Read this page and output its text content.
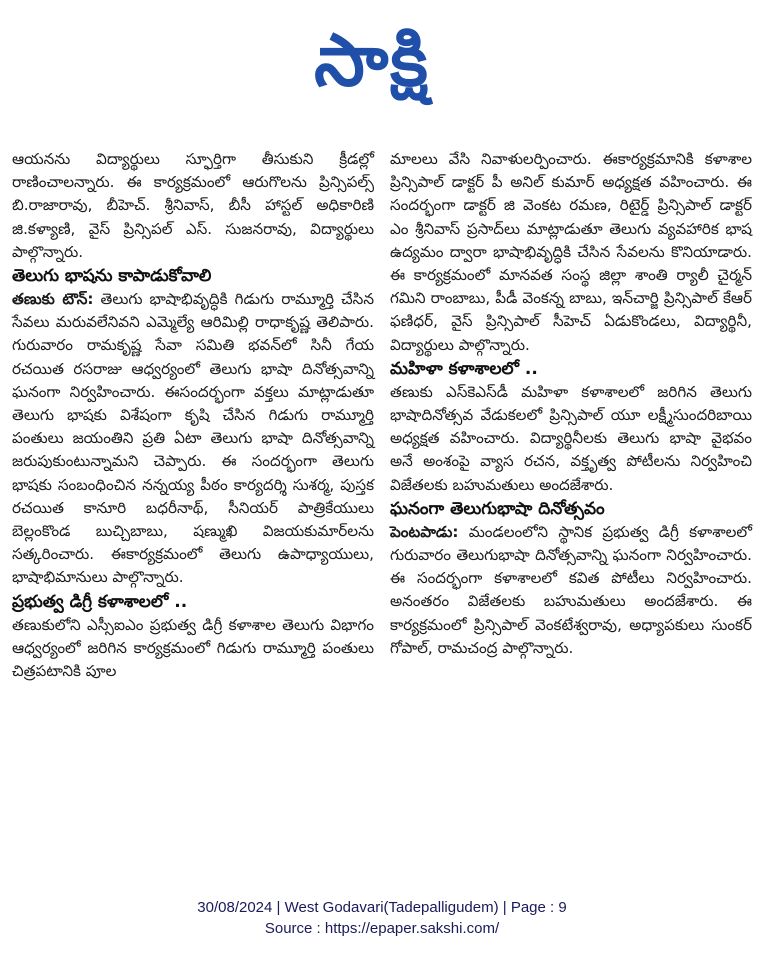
సాక్షి

ఆయనను విద్యార్థులు స్ఫూర్తిగా తీసుకుని క్రీడల్లో రాణించాలన్నారు. ఈ కార్యక్రమంలో ఆరుగొలను ప్రిన్సిపల్స్ బి.రాజారావు, బీహెచ్. శ్రీనివాస్, బీసీ హాస్టల్ అధికారిణి జి.కళ్యాణి, వైస్ ప్రిన్సిపల్ ఎస్. సుజనరావు, విద్యార్థులు పాల్గొన్నారు.

తెలుగు భాషను కాపాడుకోవాలి

తణుకు టౌన్: తెలుగు భాషాభివృద్ధికి గిడుగు రామ్మూర్తి చేసిన సేవలు మరువలేనివని ఎమ్మెల్యే ఆరిమిల్లి రాధాకృష్ణ తెలిపారు. గురువారం రామకృష్ణ సేవా సమితి భవన్‌లో సినీ గేయ రచయిత రసరాజు ఆధ్వర్యంలో తెలుగు భాషా దినోత్సవాన్ని ఘనంగా నిర్వహించారు. ఈసందర్భంగా వక్తలు మాట్లాడుతూ తెలుగు భాషకు విశేషంగా కృషి చేసిన గిడుగు రామ్మూర్తి పంతులు జయంతిని ప్రతి ఏటా తెలుగు భాషా దినోత్సవాన్ని జరుపుకుంటున్నామని చెప్పారు. ఈ సందర్భంగా తెలుగు భాషకు సంబంధించిన నన్నయ్య పీఠం కార్యదర్శి సుశర్మ, పుస్తక రచయిత కానూరి బధరీనాథ్, సీనియర్ పాత్రికేయులు బెల్లంకొండ బుచ్చిబాబు, షణ్ముఖి విజయకుమార్‌లను సత్కరించారు. ఈకార్యక్రమంలో తెలుగు ఉపాధ్యాయులు, భాషాభిమానులు పాల్గొన్నారు.

ప్రభుత్వ డిగ్రీ కళాశాలలో ..

తణుకులోని ఎస్సీఐఎం ప్రభుత్వ డిగ్రీ కళాశాల తెలుగు విభాగం ఆధ్వర్యంలో జరిగిన కార్యక్రమంలో గిడుగు రామ్మూర్తి పంతులు చిత్రపటానికి పూల

మాలలు వేసి నివాళులర్పించారు. ఈకార్యక్రమానికి కళాశాల ప్రిన్సిపాల్ డాక్టర్ పీ అనిల్ కుమార్ అధ్యక్షత వహించారు. ఈ సందర్భంగా డాక్టర్ జి వెంకట రమణ, రిటైర్డ్ ప్రిన్సిపాల్ డాక్టర్ ఎం శ్రీనివాస్ ప్రసాద్‌లు మాట్లాడుతూ తెలుగు వ్యవహారిక భాష ఉద్యమం ద్వారా భాషాభివృద్ధికి చేసిన సేవలను కొనియాడారు. ఈ కార్యక్రమంలో మానవత సంస్థ జిల్లా శాంతి ర్యాలీ చైర్మన్ గమిని రాంబాబు, పీడీ వెంకన్న బాబు, ఇన్‌చార్జి ప్రిన్సిపాల్ కేఆర్ ఫణిధర్, వైస్ ప్రిన్సిపాల్ సీహెచ్ ఏడుకొండలు, విద్యార్థినీ, విద్యార్థులు పాల్గొన్నారు.

మహిళా కళాశాలలో ..

తణుకు ఎస్‌కెఎస్‌డీ మహిళా కళాశాలలో జరిగిన తెలుగు భాషాదినోత్సవ వేడుకలలో ప్రిన్సిపాల్ యూ లక్ష్మీసుందరిబాయి అధ్యక్షత వహించారు. విద్యార్థినీలకు తెలుగు భాషా వైభవం అనే అంశంపై వ్యాస రచన, వక్తృత్వ పోటీలను నిర్వహించి విజేతలకు బహుమతులు అందజేశారు.

ఘనంగా తెలుగుభాషా దినోత్సవం

పెంటపాడు: మండలంలోని స్థానిక ప్రభుత్వ డిగ్రీ కళాశాలలో గురువారం తెలుగుభాషా దినోత్సవాన్ని ఘనంగా నిర్వహించారు. ఈ సందర్భంగా కళాశాలలో కవిత పోటీలు నిర్వహించారు. అనంతరం విజేతలకు బహుమతులు అందజేశారు. ఈ కార్యక్రమంలో ప్రిన్సిపాల్ వెంకటేశ్వరావు, అధ్యాపకులు సుంకర్ గోపాల్, రామచంద్ర పాల్గొన్నారు.

30/08/2024 | West Godavari(Tadepalligudem) | Page : 9
Source : https://epaper.sakshi.com/
